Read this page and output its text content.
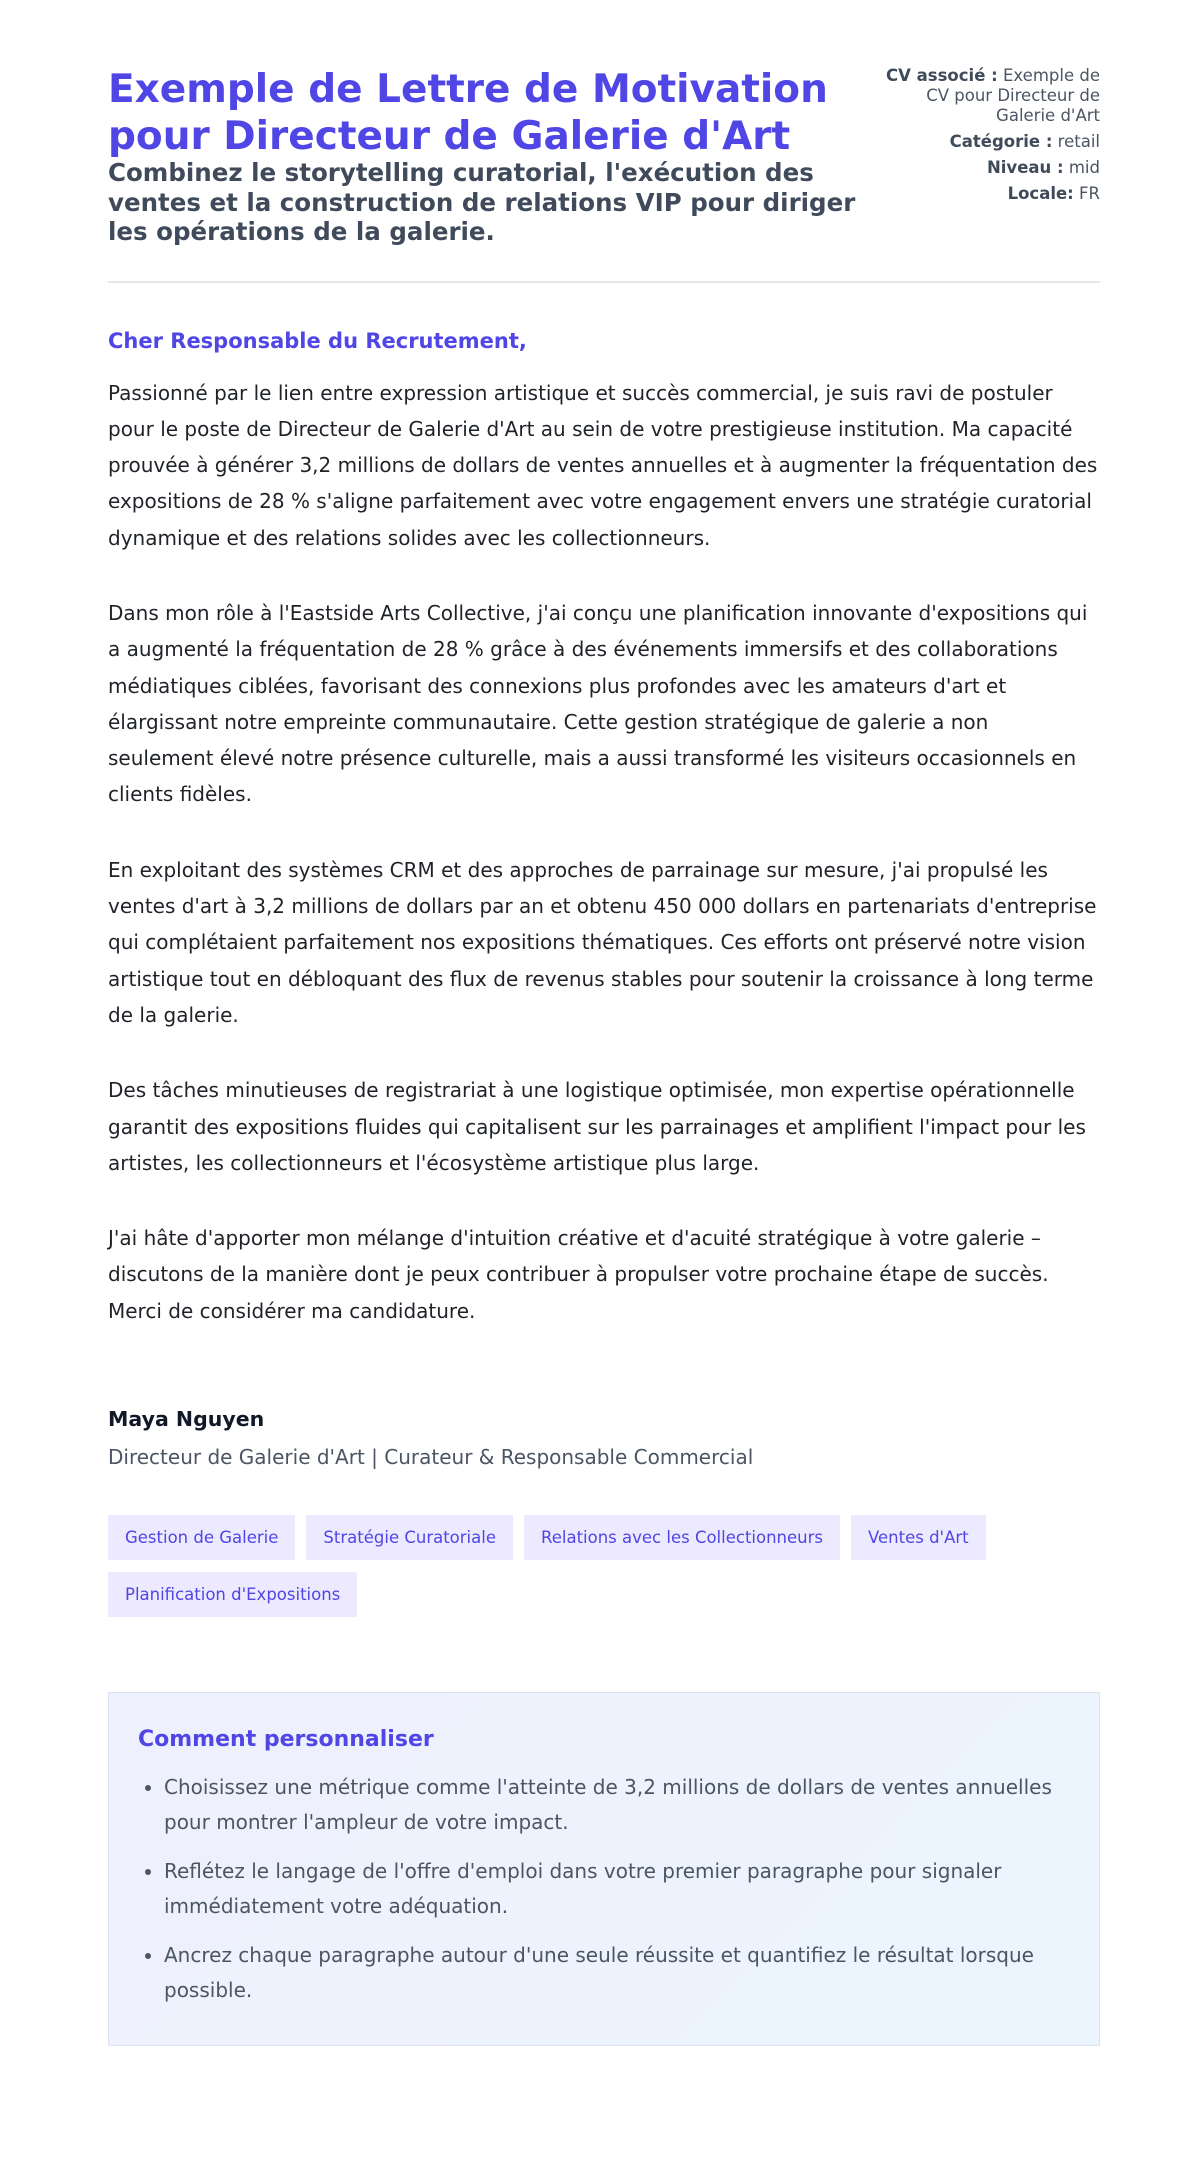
Exemple de Lettre de Motivation pour Directeur de Galerie d'Art
Combinez le storytelling curatorial, l'exécution des ventes et la construction de relations VIP pour diriger les opérations de la galerie.
CV associé : Exemple de CV pour Directeur de Galerie d'Art
Catégorie : retail
Niveau : mid
Locale: FR
Cher Responsable du Recrutement,

Passionné par le lien entre expression artistique et succès commercial, je suis ravi de postuler pour le poste de Directeur de Galerie d'Art au sein de votre prestigieuse institution. Ma capacité prouvée à générer 3,2 millions de dollars de ventes annuelles et à augmenter la fréquentation des expositions de 28 % s'aligne parfaitement avec votre engagement envers une stratégie curatorial dynamique et des relations solides avec les collectionneurs.

Dans mon rôle à l'Eastside Arts Collective, j'ai conçu une planification innovante d'expositions qui a augmenté la fréquentation de 28 % grâce à des événements immersifs et des collaborations médiatiques ciblées, favorisant des connexions plus profondes avec les amateurs d'art et élargissant notre empreinte communautaire. Cette gestion stratégique de galerie a non seulement élevé notre présence culturelle, mais a aussi transformé les visiteurs occasionnels en clients fidèles.

En exploitant des systèmes CRM et des approches de parrainage sur mesure, j'ai propulsé les ventes d'art à 3,2 millions de dollars par an et obtenu 450 000 dollars en partenariats d'entreprise qui complétaient parfaitement nos expositions thématiques. Ces efforts ont préservé notre vision artistique tout en débloquant des flux de revenus stables pour soutenir la croissance à long terme de la galerie.

Des tâches minutieuses de registrariat à une logistique optimisée, mon expertise opérationnelle garantit des expositions fluides qui capitalisent sur les parrainages et amplifient l'impact pour les artistes, les collectionneurs et l'écosystème artistique plus large.

J'ai hâte d'apporter mon mélange d'intuition créative et d'acuité stratégique à votre galerie – discutons de la manière dont je peux contribuer à propulser votre prochaine étape de succès. Merci de considérer ma candidature.

Maya Nguyen
Directeur de Galerie d'Art | Curateur & Responsable Commercial
Gestion de Galerie	Stratégie Curatoriale	Relations avec les Collectionneurs	Ventes d'Art
Planification d'Expositions
Comment personnaliser
• Choisissez une métrique comme l'atteinte de 3,2 millions de dollars de ventes annuelles pour montrer l'ampleur de votre impact.
• Reflétez le langage de l'offre d'emploi dans votre premier paragraphe pour signaler immédiatement votre adéquation.
• Ancrez chaque paragraphe autour d'une seule réussite et quantifiez le résultat lorsque possible.
